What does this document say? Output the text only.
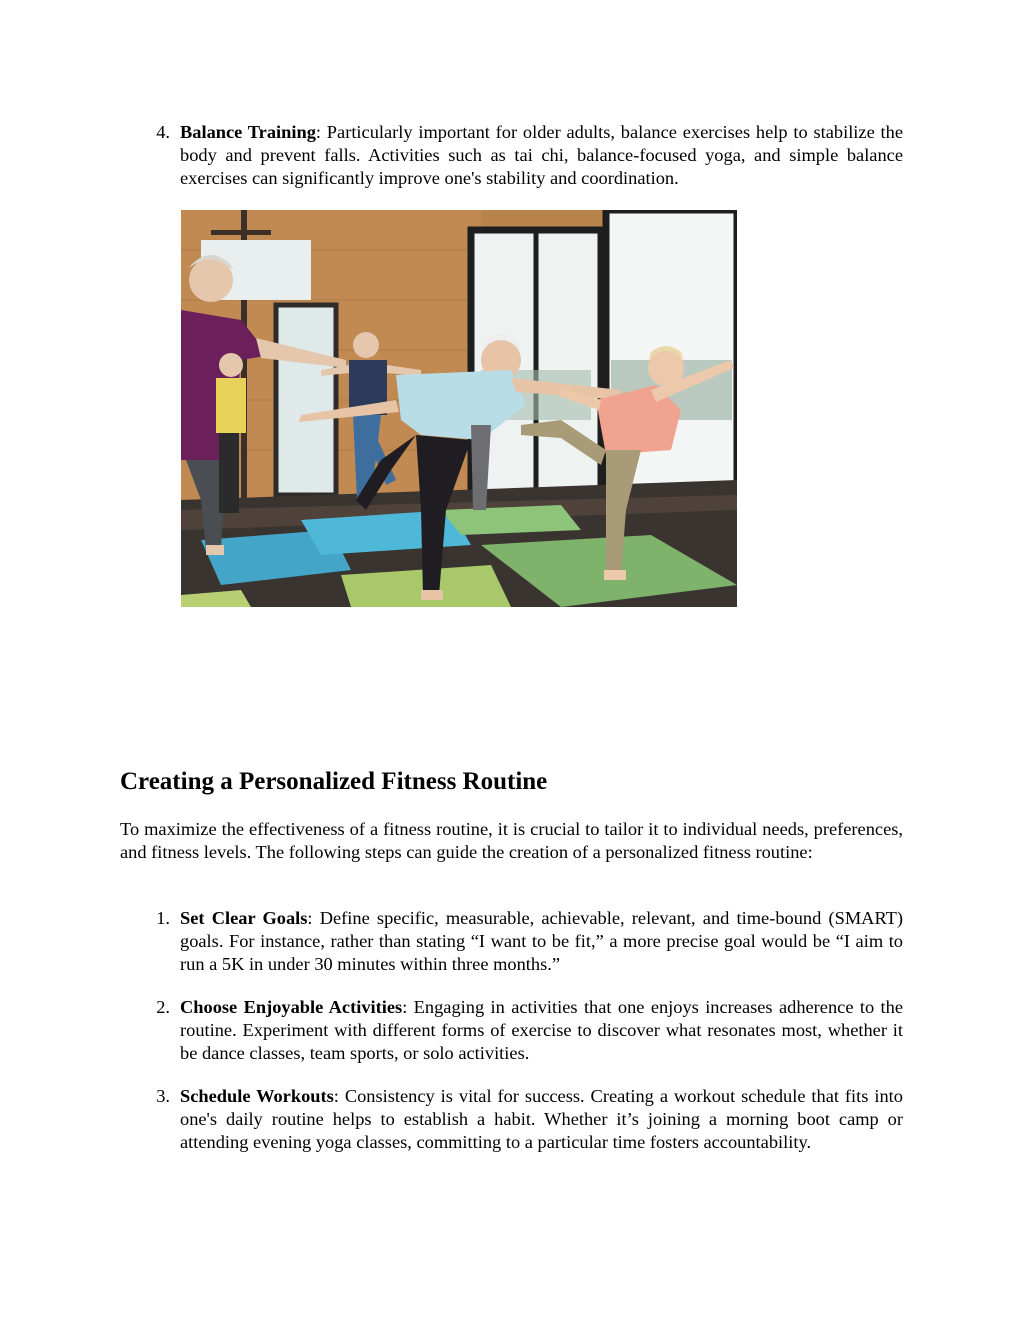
4. Balance Training: Particularly important for older adults, balance exercises help to stabilize the body and prevent falls. Activities such as tai chi, balance-focused yoga, and simple balance exercises can significantly improve one's stability and coordination.
Creating a Personalized Fitness Routine

To maximize the effectiveness of a fitness routine, it is crucial to tailor it to individual needs, preferences, and fitness levels. The following steps can guide the creation of a personalized fitness routine:

1. Set Clear Goals: Define specific, measurable, achievable, relevant, and time-bound (SMART) goals. For instance, rather than stating “I want to be fit,” a more precise goal would be “I aim to run a 5K in under 30 minutes within three months.”
2. Choose Enjoyable Activities: Engaging in activities that one enjoys increases adherence to the routine. Experiment with different forms of exercise to discover what resonates most, whether it be dance classes, team sports, or solo activities.
3. Schedule Workouts: Consistency is vital for success. Creating a workout schedule that fits into one's daily routine helps to establish a habit. Whether it’s joining a morning boot camp or attending evening yoga classes, committing to a particular time fosters accountability.
